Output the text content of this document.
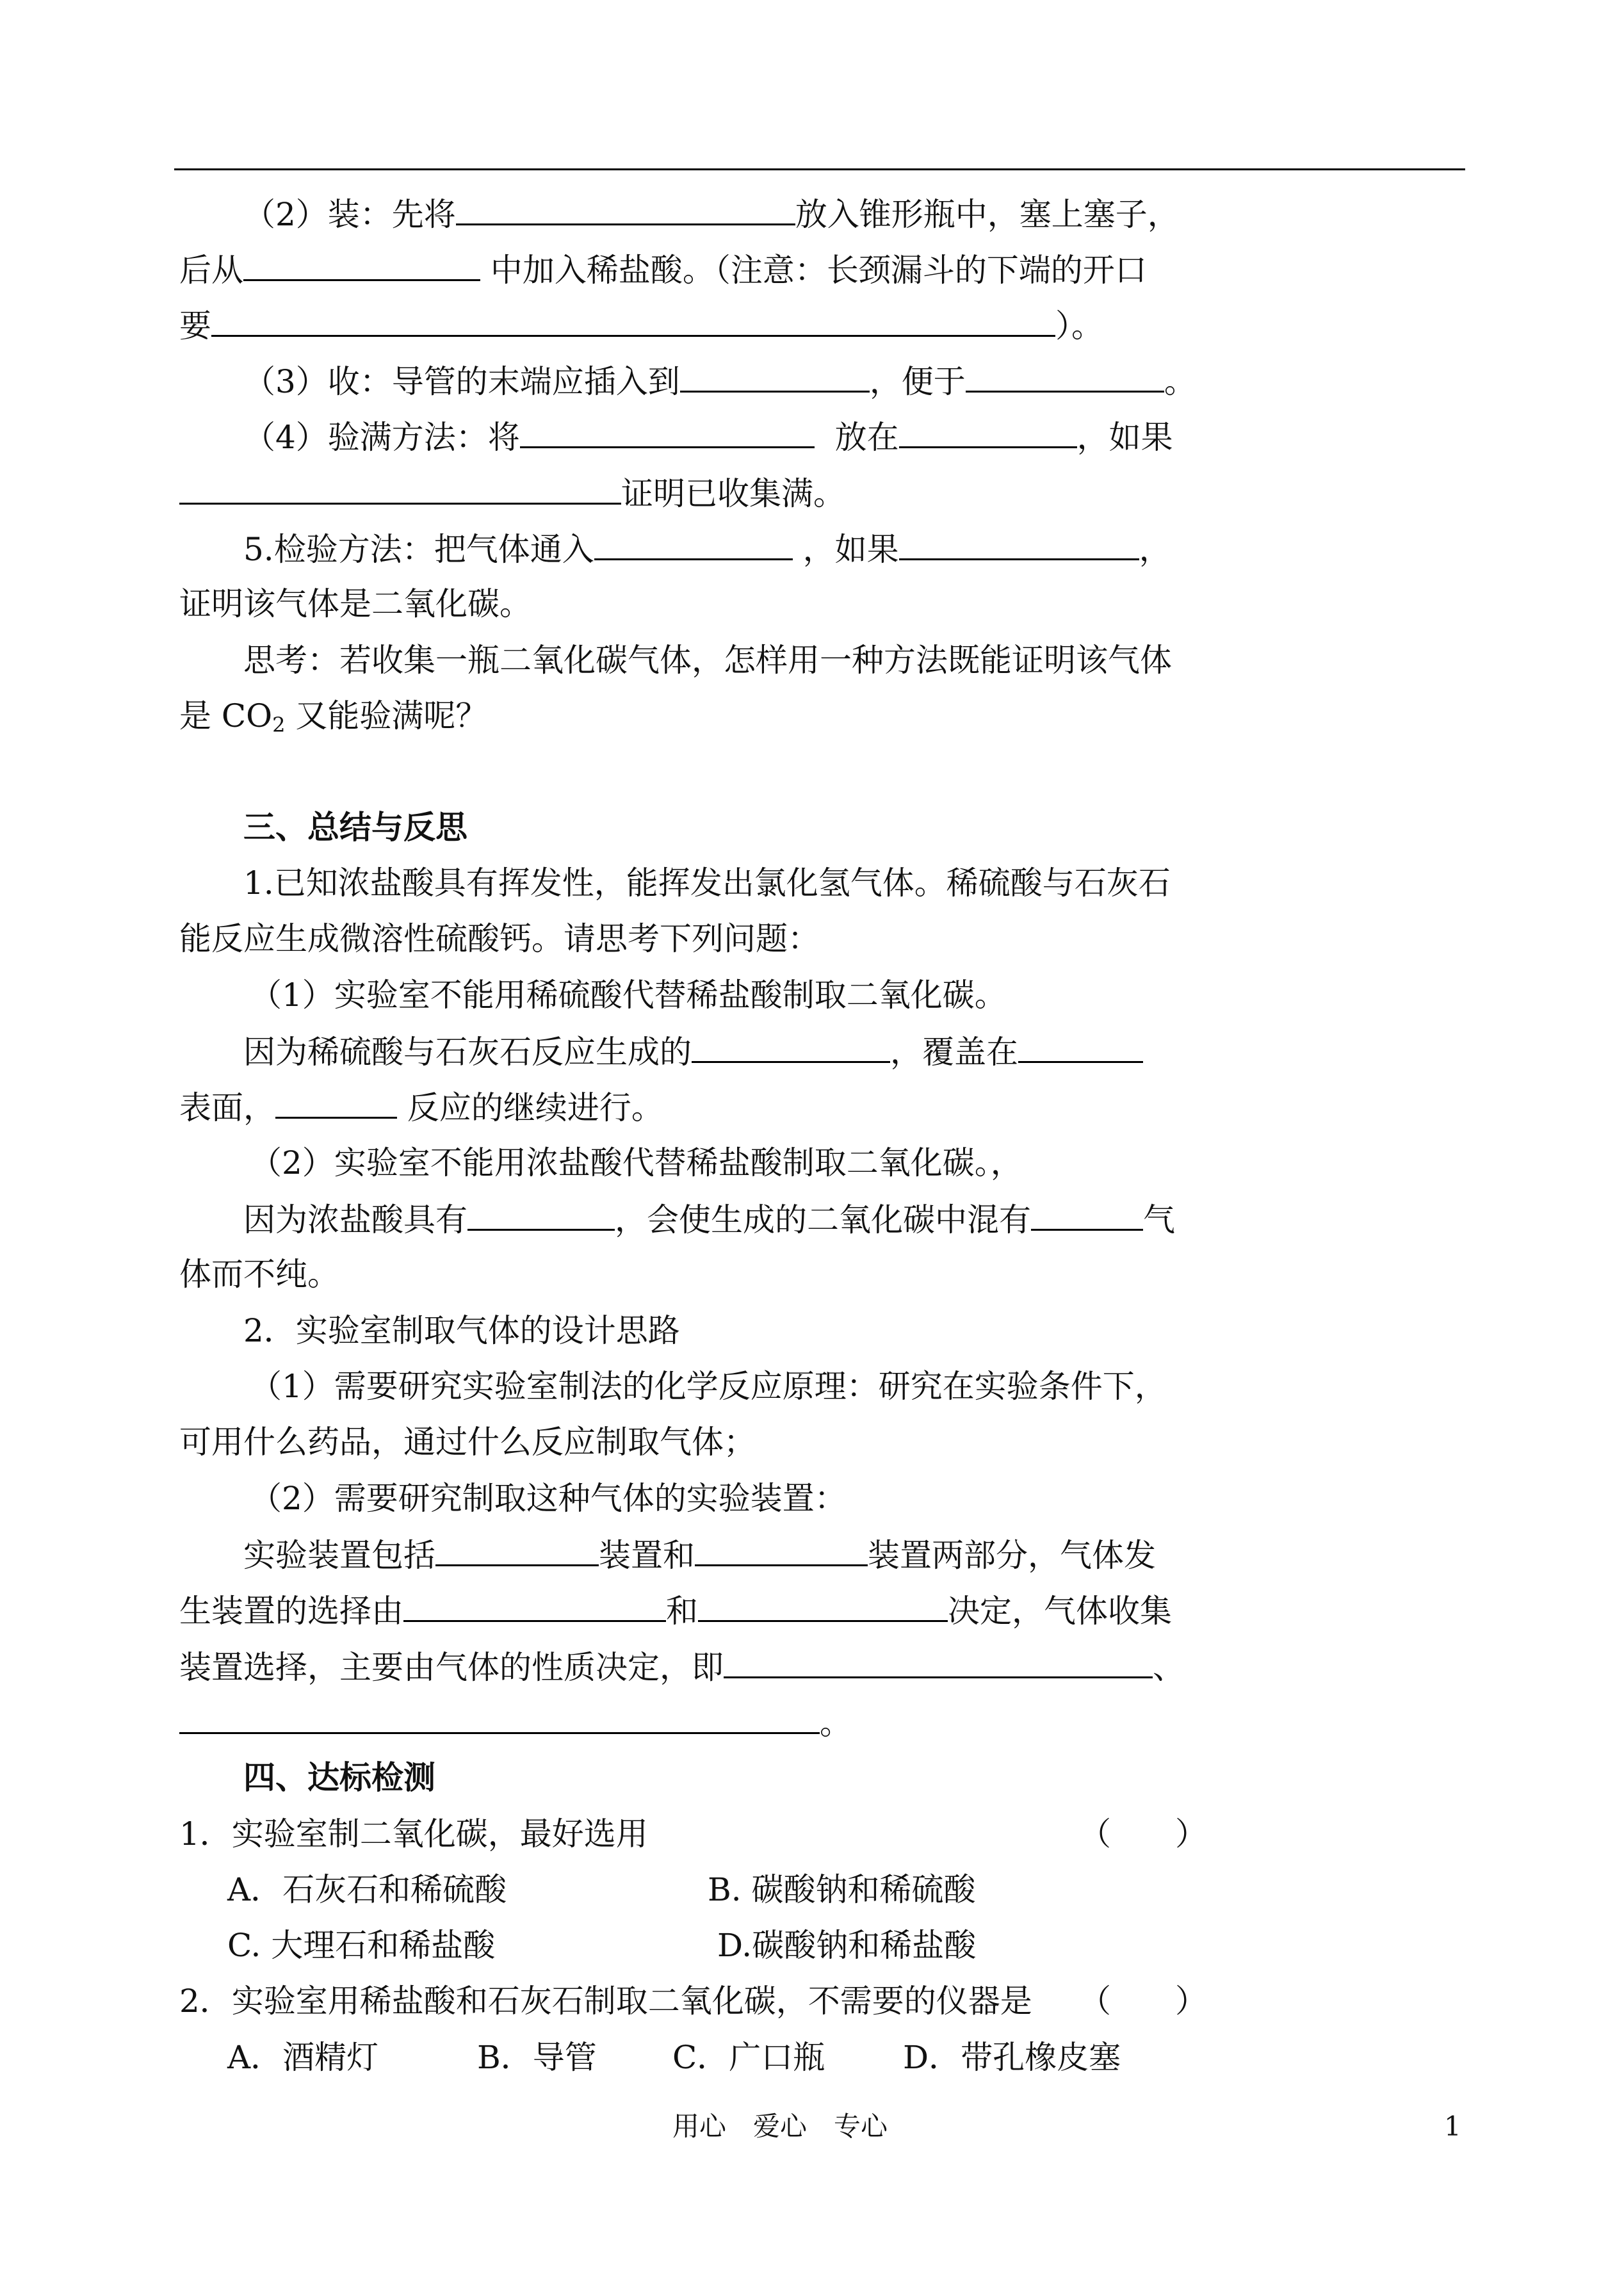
（2）装：先将	放入锥形瓶中，塞上塞子，
后从	中加入稀盐酸。（注意：长颈漏斗的下端的开口
要	）。
（3）收：导管的末端应插入到	，便于	。
（4）验满方法：将	放在	，如果
证明已收集满。
5.检验方法：把气体通入	，如果	，
证明该气体是二氧化碳。
思考：若收集一瓶二氧化碳气体，怎样用一种方法既能证明该气体
是 $CO_2$ 又能验满呢？
三、总结与反思
1.已知浓盐酸具有挥发性，能挥发出氯化氢气体。稀硫酸与石灰石
能反应生成微溶性硫酸钙。请思考下列问题：
（1）实验室不能用稀硫酸代替稀盐酸制取二氧化碳。
因为稀硫酸与石灰石反应生成的	，覆盖在
表面，	反应的继续进行。
（2）实验室不能用浓盐酸代替稀盐酸制取二氧化碳。，
因为浓盐酸具有	，会使生成的二氧化碳中混有	气
体而不纯。
2．实验室制取气体的设计思路
（1）需要研究实验室制法的化学反应原理：研究在实验条件下，
可用什么药品，通过什么反应制取气体；
（2）需要研究制取这种气体的实验装置：
实验装置包括	装置和	装置两部分，气体发
生装置的选择由	和	决定，气体收集
装置选择，主要由气体的性质决定，即	、
。
四、达标检测
1．实验室制二氧化碳，最好选用	（　　）
A．石灰石和稀硫酸	B. 碳酸钠和稀硫酸
C. 大理石和稀盐酸	D.碳酸钠和稀盐酸
2．实验室用稀盐酸和石灰石制取二氧化碳，不需要的仪器是 （　　）
A．酒精灯	B．导管 C．广口瓶 D．带孔橡皮塞
用心　爱心　专心	1
